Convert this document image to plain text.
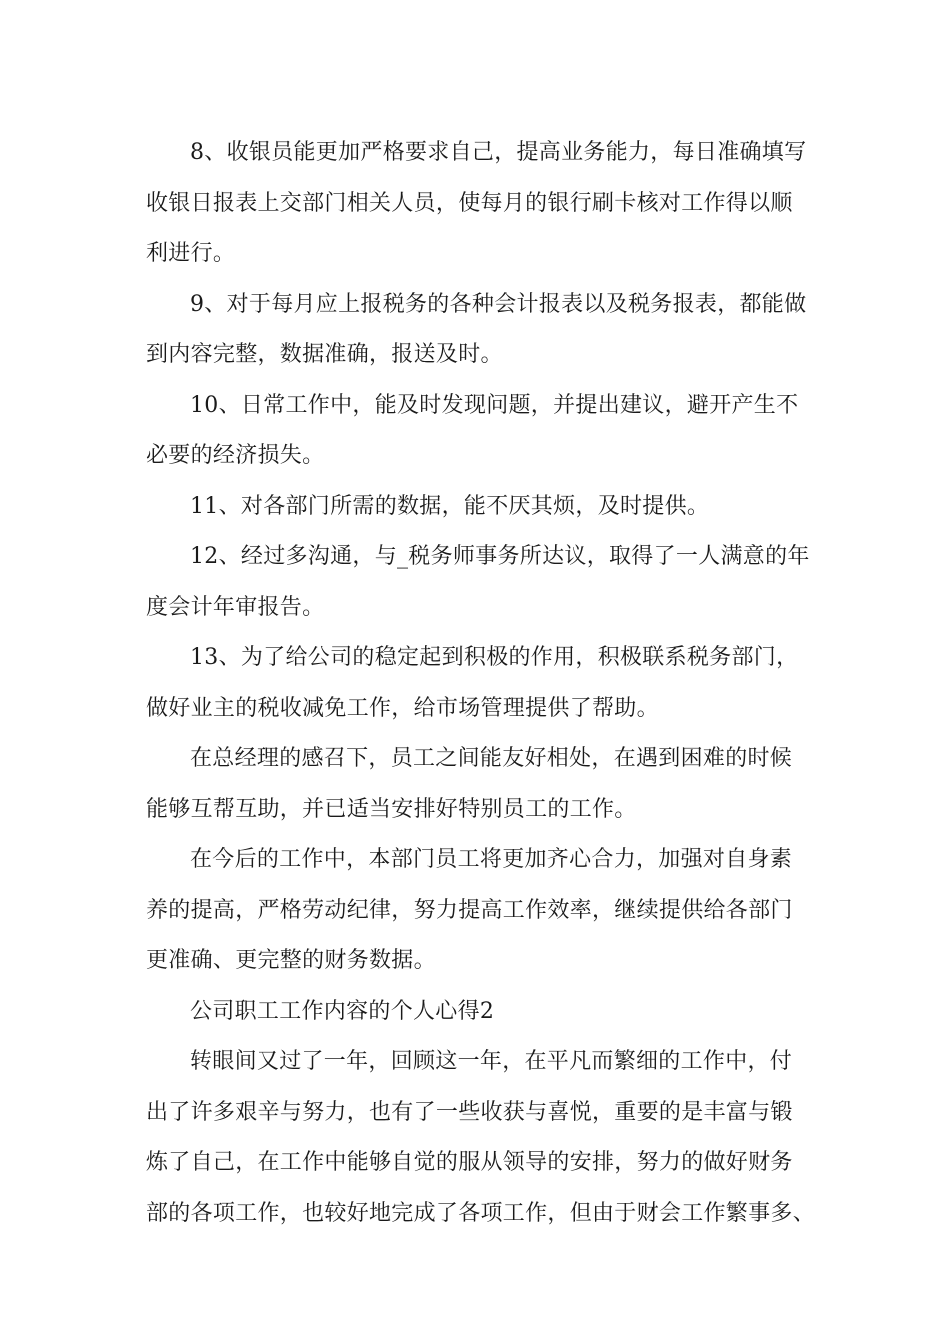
8、收银员能更加严格要求自己，提高业务能力，每日准确填写
收银日报表上交部门相关人员，使每月的银行刷卡核对工作得以顺
利进行。
9、对于每月应上报税务的各种会计报表以及税务报表，都能做
到内容完整，数据准确，报送及时。
10、日常工作中，能及时发现问题，并提出建议，避开产生不
必要的经济损失。
11、对各部门所需的数据，能不厌其烦，及时提供。
12、经过多沟通，与_税务师事务所达议，取得了一人满意的年
度会计年审报告。
13、为了给公司的稳定起到积极的作用，积极联系税务部门，
做好业主的税收减免工作，给市场管理提供了帮助。
在总经理的感召下，员工之间能友好相处，在遇到困难的时候
能够互帮互助，并已适当安排好特别员工的工作。
在今后的工作中，本部门员工将更加齐心合力，加强对自身素
养的提高，严格劳动纪律，努力提高工作效率，继续提供给各部门
更准确、更完整的财务数据。
公司职工工作内容的个人心得2
转眼间又过了一年，回顾这一年，在平凡而繁细的工作中，付
出了许多艰辛与努力，也有了一些收获与喜悦，重要的是丰富与锻
炼了自己，在工作中能够自觉的服从领导的安排，努力的做好财务
部的各项工作，也较好地完成了各项工作，但由于财会工作繁事多、
